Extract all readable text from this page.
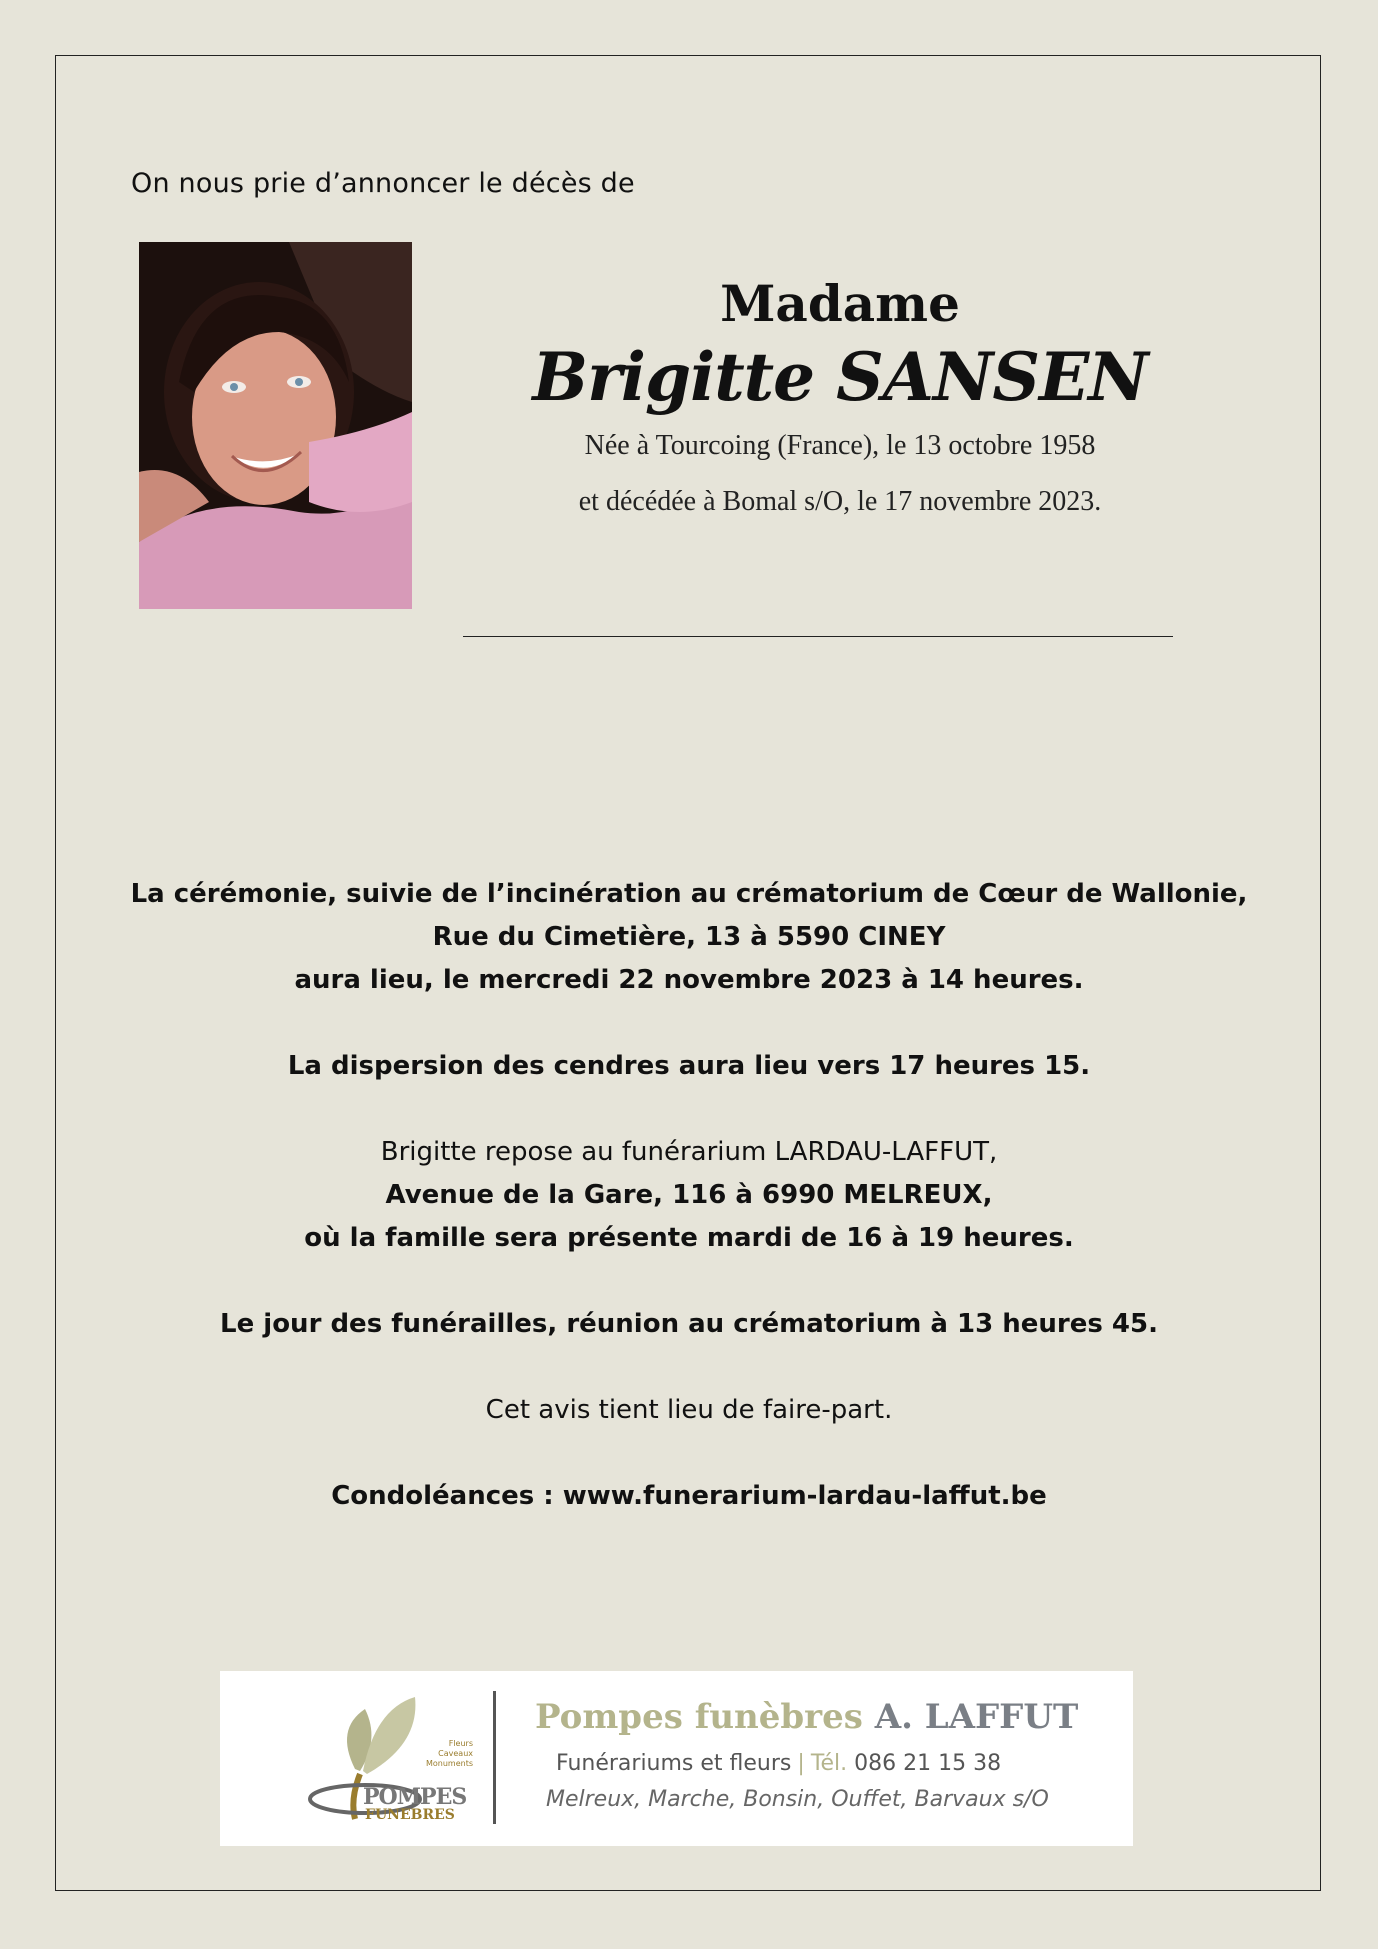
On nous prie d’annoncer le décès de
Madame
Brigitte SANSEN
Née à Tourcoing (France), le 13 octobre 1958
et décédée à Bomal s/O, le 17 novembre 2023.

La cérémonie, suivie de l’incinération au crématorium de Cœur de Wallonie,

Rue du Cimetière, 13 à 5590 CINEY

aura lieu, le mercredi 22 novembre 2023 à 14 heures.

La dispersion des cendres aura lieu vers 17 heures 15.

Brigitte repose au funérarium LARDAU-LAFFUT,

Avenue de la Gare, 116 à 6990 MELREUX,

où la famille sera présente mardi de 16 à 19 heures.

Le jour des funérailles, réunion au crématorium à 13 heures 45.

Cet avis tient lieu de faire-part.

Condoléances : www.funerarium-lardau-laffut.be

POMPES
FUNEBRES
Fleurs
Caveaux
Monuments
Pompes funèbres A. LAFFUT
Funérariums et fleurs | Tél. 086 21 15 38
Melreux, Marche, Bonsin, Ouffet, Barvaux s/O
